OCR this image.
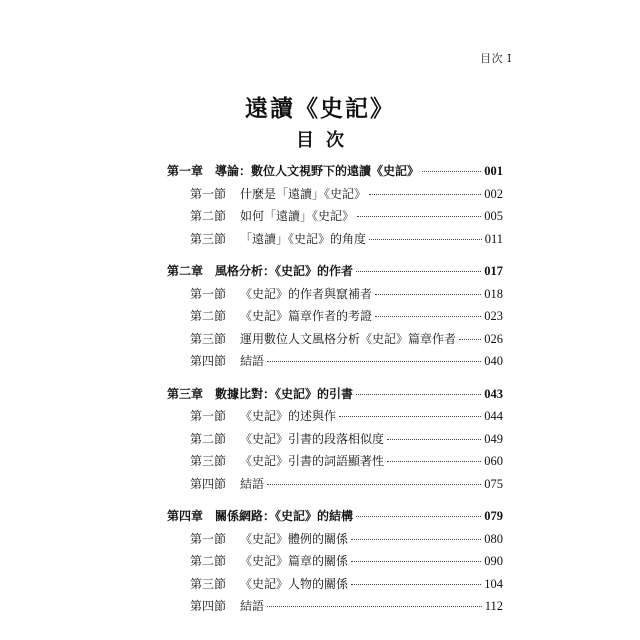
目次 I
遠讀《史記》
目次
第一章 導論：數位人文視野下的遠讀《史記》	001
第一節 什麼是「遠讀」《史記》	002
第二節 如何「遠讀」《史記》	005
第三節 「遠讀」《史記》的角度	011
第二章 風格分析：《史記》的作者	017
第一節 《史記》的作者與竄補者	018
第二節 《史記》篇章作者的考證	023
第三節 運用數位人文風格分析《史記》篇章作者 026
第四節 結語	040
第三章 數據比對：《史記》的引書	043
第一節 《史記》的述與作	044
第二節 《史記》引書的段落相似度	049
第三節 《史記》引書的詞語顯著性	060
第四節 結語	075
第四章 關係網路：《史記》的結構	079
第一節 《史記》體例的關係	080
第二節 《史記》篇章的關係	090
第三節 《史記》人物的關係	104
第四節 結語	112
